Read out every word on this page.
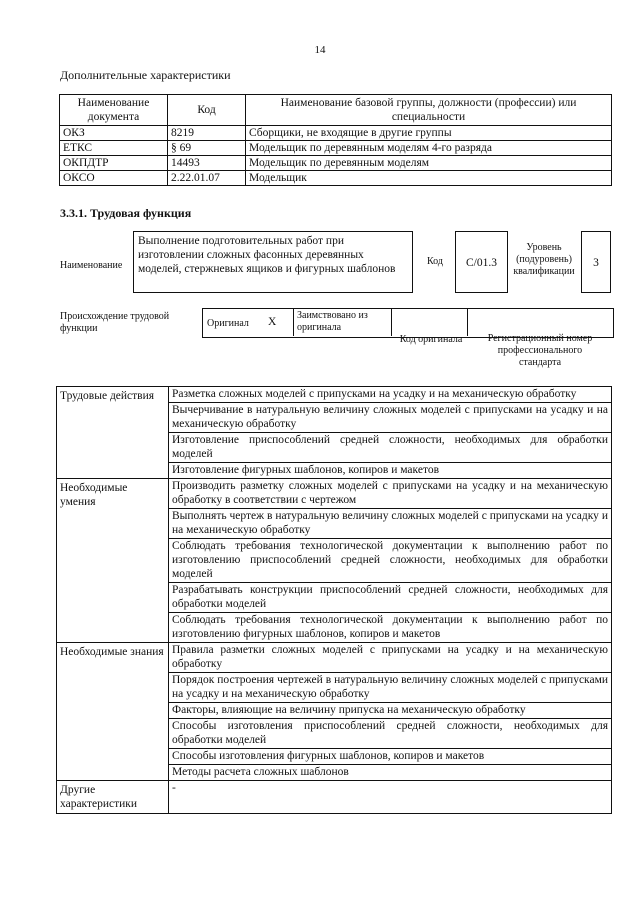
14
Дополнительные характеристики
Наименование документа	Код	Наименование базовой группы, должности (профессии) или специальности
ОКЗ	8219	Сборщики, не входящие в другие группы
ЕТКС	§ 69	Модельщик по деревянным моделям 4-го разряда
ОКПДТР	14493	Модельщик по деревянным моделям
ОКСО	2.22.01.07	Модельщик
3.3.1. Трудовая функция
Наименование
Выполнение подготовительных работ при изготовлении сложных фасонных деревянных моделей, стержневых ящиков и фигурных шаблонов
Код	C/01.3
Уровень (подуровень) квалификации
3
Происхождение трудовой функции	Оригинал X
Заимствовано из оригинала
Код оригинала	Регистрационный номер профессионального стандарта
Трудовые действия	Разметка сложных моделей с припусками на усадку и на механическую обработку
	Вычерчивание в натуральную величину сложных моделей с припусками на усадку и на механическую обработку
	Изготовление приспособлений средней сложности, необходимых для обработки моделей
	Изготовление фигурных шаблонов, копиров и макетов
Необходимые умения	Производить разметку сложных моделей с припусками на усадку и на механическую обработку в соответствии с чертежом
	Выполнять чертеж в натуральную величину сложных моделей с припусками на усадку и на механическую обработку
	Соблюдать требования технологической документации к выполнению работ по изготовлению приспособлений средней сложности, необходимых для обработки моделей
	Разрабатывать конструкции приспособлений средней сложности, необходимых для обработки моделей
	Соблюдать требования технологической документации к выполнению работ по изготовлению фигурных шаблонов, копиров и макетов
Необходимые знания	Правила разметки сложных моделей с припусками на усадку и на механическую обработку
	Порядок построения чертежей в натуральную величину сложных моделей с припусками на усадку и на механическую обработку
	Факторы, влияющие на величину припуска на механическую обработку
	Способы изготовления приспособлений средней сложности, необходимых для обработки моделей
	Способы изготовления фигурных шаблонов, копиров и макетов
	Методы расчета сложных шаблонов
Другие характеристики	-
